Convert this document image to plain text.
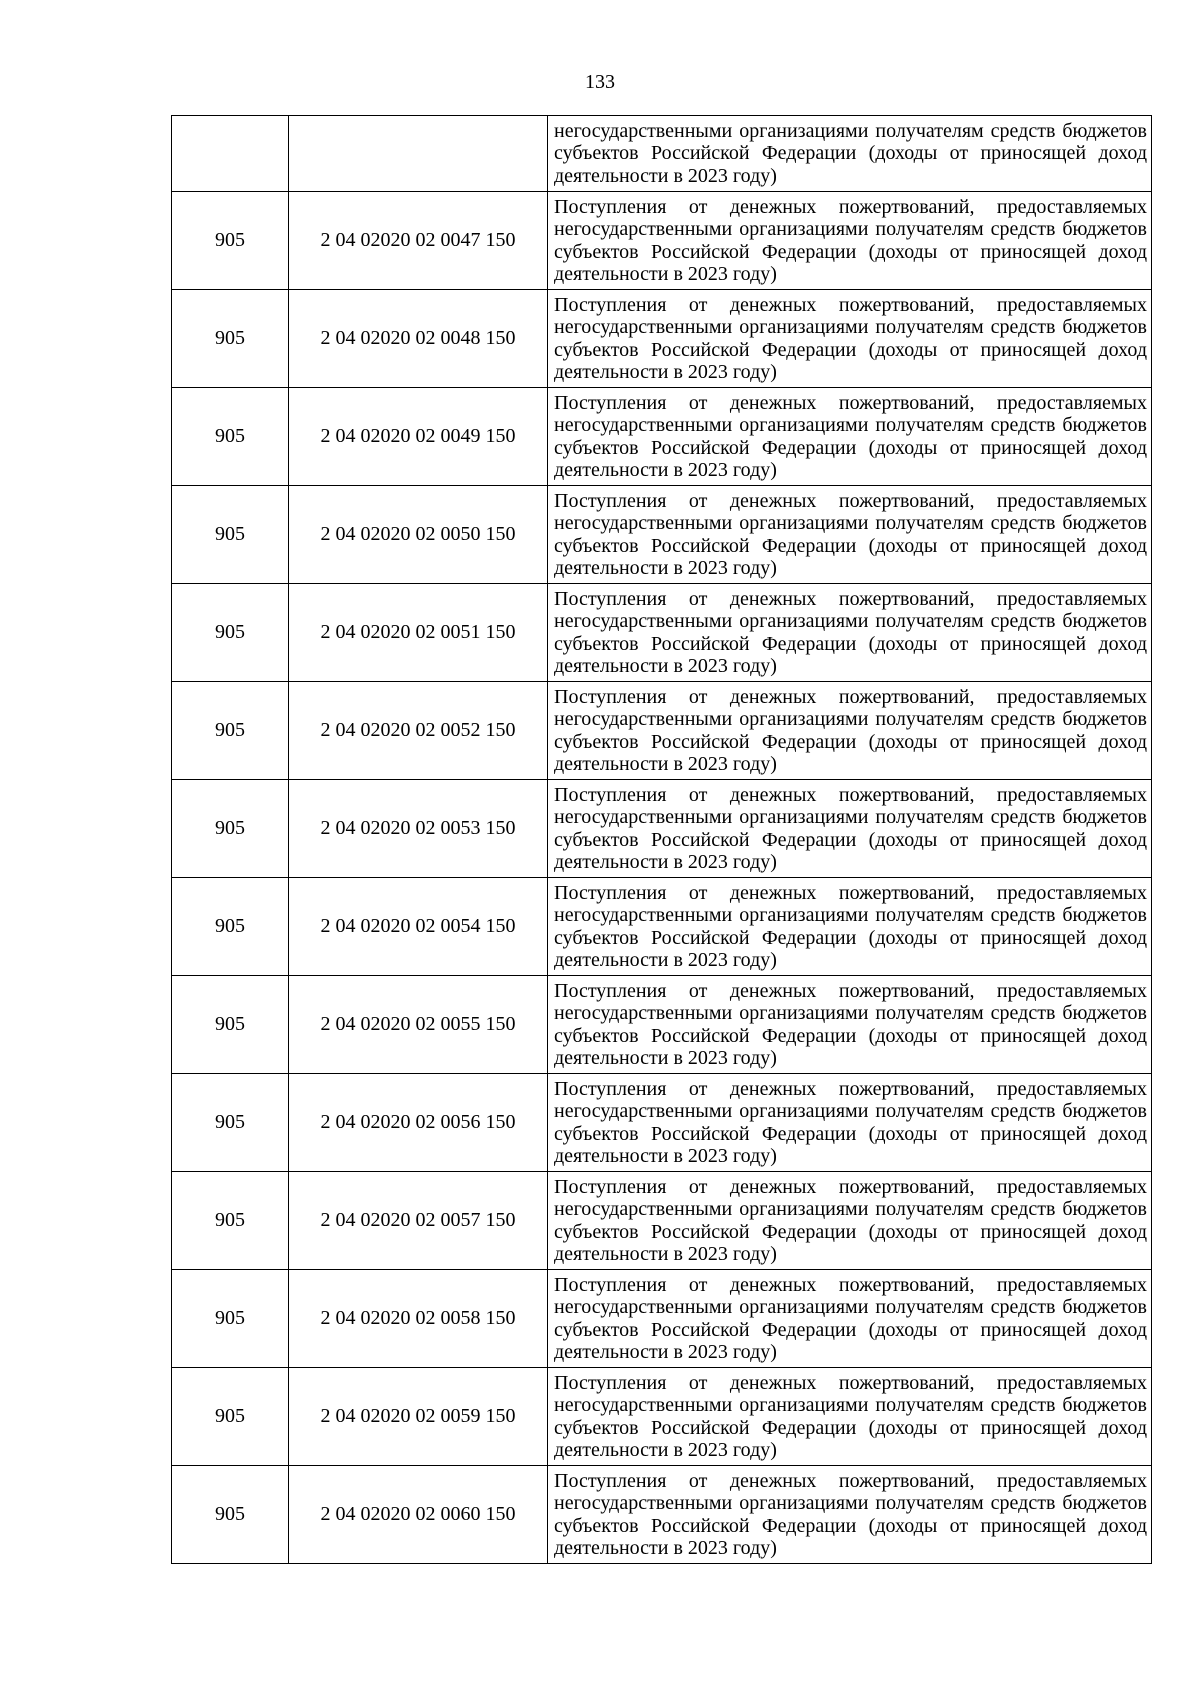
133
		негосударственными организациями получателям средств бюджетов субъектов Российской Федерации (доходы от приносящей доход деятельности в 2023 году)
905	2 04 02020 02 0047 150	Поступления от денежных пожертвований, предоставляемых негосударственными организациями получателям средств бюджетов субъектов Российской Федерации (доходы от приносящей доход деятельности в 2023 году)
905	2 04 02020 02 0048 150	Поступления от денежных пожертвований, предоставляемых негосударственными организациями получателям средств бюджетов субъектов Российской Федерации (доходы от приносящей доход деятельности в 2023 году)
905	2 04 02020 02 0049 150	Поступления от денежных пожертвований, предоставляемых негосударственными организациями получателям средств бюджетов субъектов Российской Федерации (доходы от приносящей доход деятельности в 2023 году)
905	2 04 02020 02 0050 150	Поступления от денежных пожертвований, предоставляемых негосударственными организациями получателям средств бюджетов субъектов Российской Федерации (доходы от приносящей доход деятельности в 2023 году)
905	2 04 02020 02 0051 150	Поступления от денежных пожертвований, предоставляемых негосударственными организациями получателям средств бюджетов субъектов Российской Федерации (доходы от приносящей доход деятельности в 2023 году)
905	2 04 02020 02 0052 150	Поступления от денежных пожертвований, предоставляемых негосударственными организациями получателям средств бюджетов субъектов Российской Федерации (доходы от приносящей доход деятельности в 2023 году)
905	2 04 02020 02 0053 150	Поступления от денежных пожертвований, предоставляемых негосударственными организациями получателям средств бюджетов субъектов Российской Федерации (доходы от приносящей доход деятельности в 2023 году)
905	2 04 02020 02 0054 150	Поступления от денежных пожертвований, предоставляемых негосударственными организациями получателям средств бюджетов субъектов Российской Федерации (доходы от приносящей доход деятельности в 2023 году)
905	2 04 02020 02 0055 150	Поступления от денежных пожертвований, предоставляемых негосударственными организациями получателям средств бюджетов субъектов Российской Федерации (доходы от приносящей доход деятельности в 2023 году)
905	2 04 02020 02 0056 150	Поступления от денежных пожертвований, предоставляемых негосударственными организациями получателям средств бюджетов субъектов Российской Федерации (доходы от приносящей доход деятельности в 2023 году)
905	2 04 02020 02 0057 150	Поступления от денежных пожертвований, предоставляемых негосударственными организациями получателям средств бюджетов субъектов Российской Федерации (доходы от приносящей доход деятельности в 2023 году)
905	2 04 02020 02 0058 150	Поступления от денежных пожертвований, предоставляемых негосударственными организациями получателям средств бюджетов субъектов Российской Федерации (доходы от приносящей доход деятельности в 2023 году)
905	2 04 02020 02 0059 150	Поступления от денежных пожертвований, предоставляемых негосударственными организациями получателям средств бюджетов субъектов Российской Федерации (доходы от приносящей доход деятельности в 2023 году)
905	2 04 02020 02 0060 150	Поступления от денежных пожертвований, предоставляемых негосударственными организациями получателям средств бюджетов субъектов Российской Федерации (доходы от приносящей доход деятельности в 2023 году)
